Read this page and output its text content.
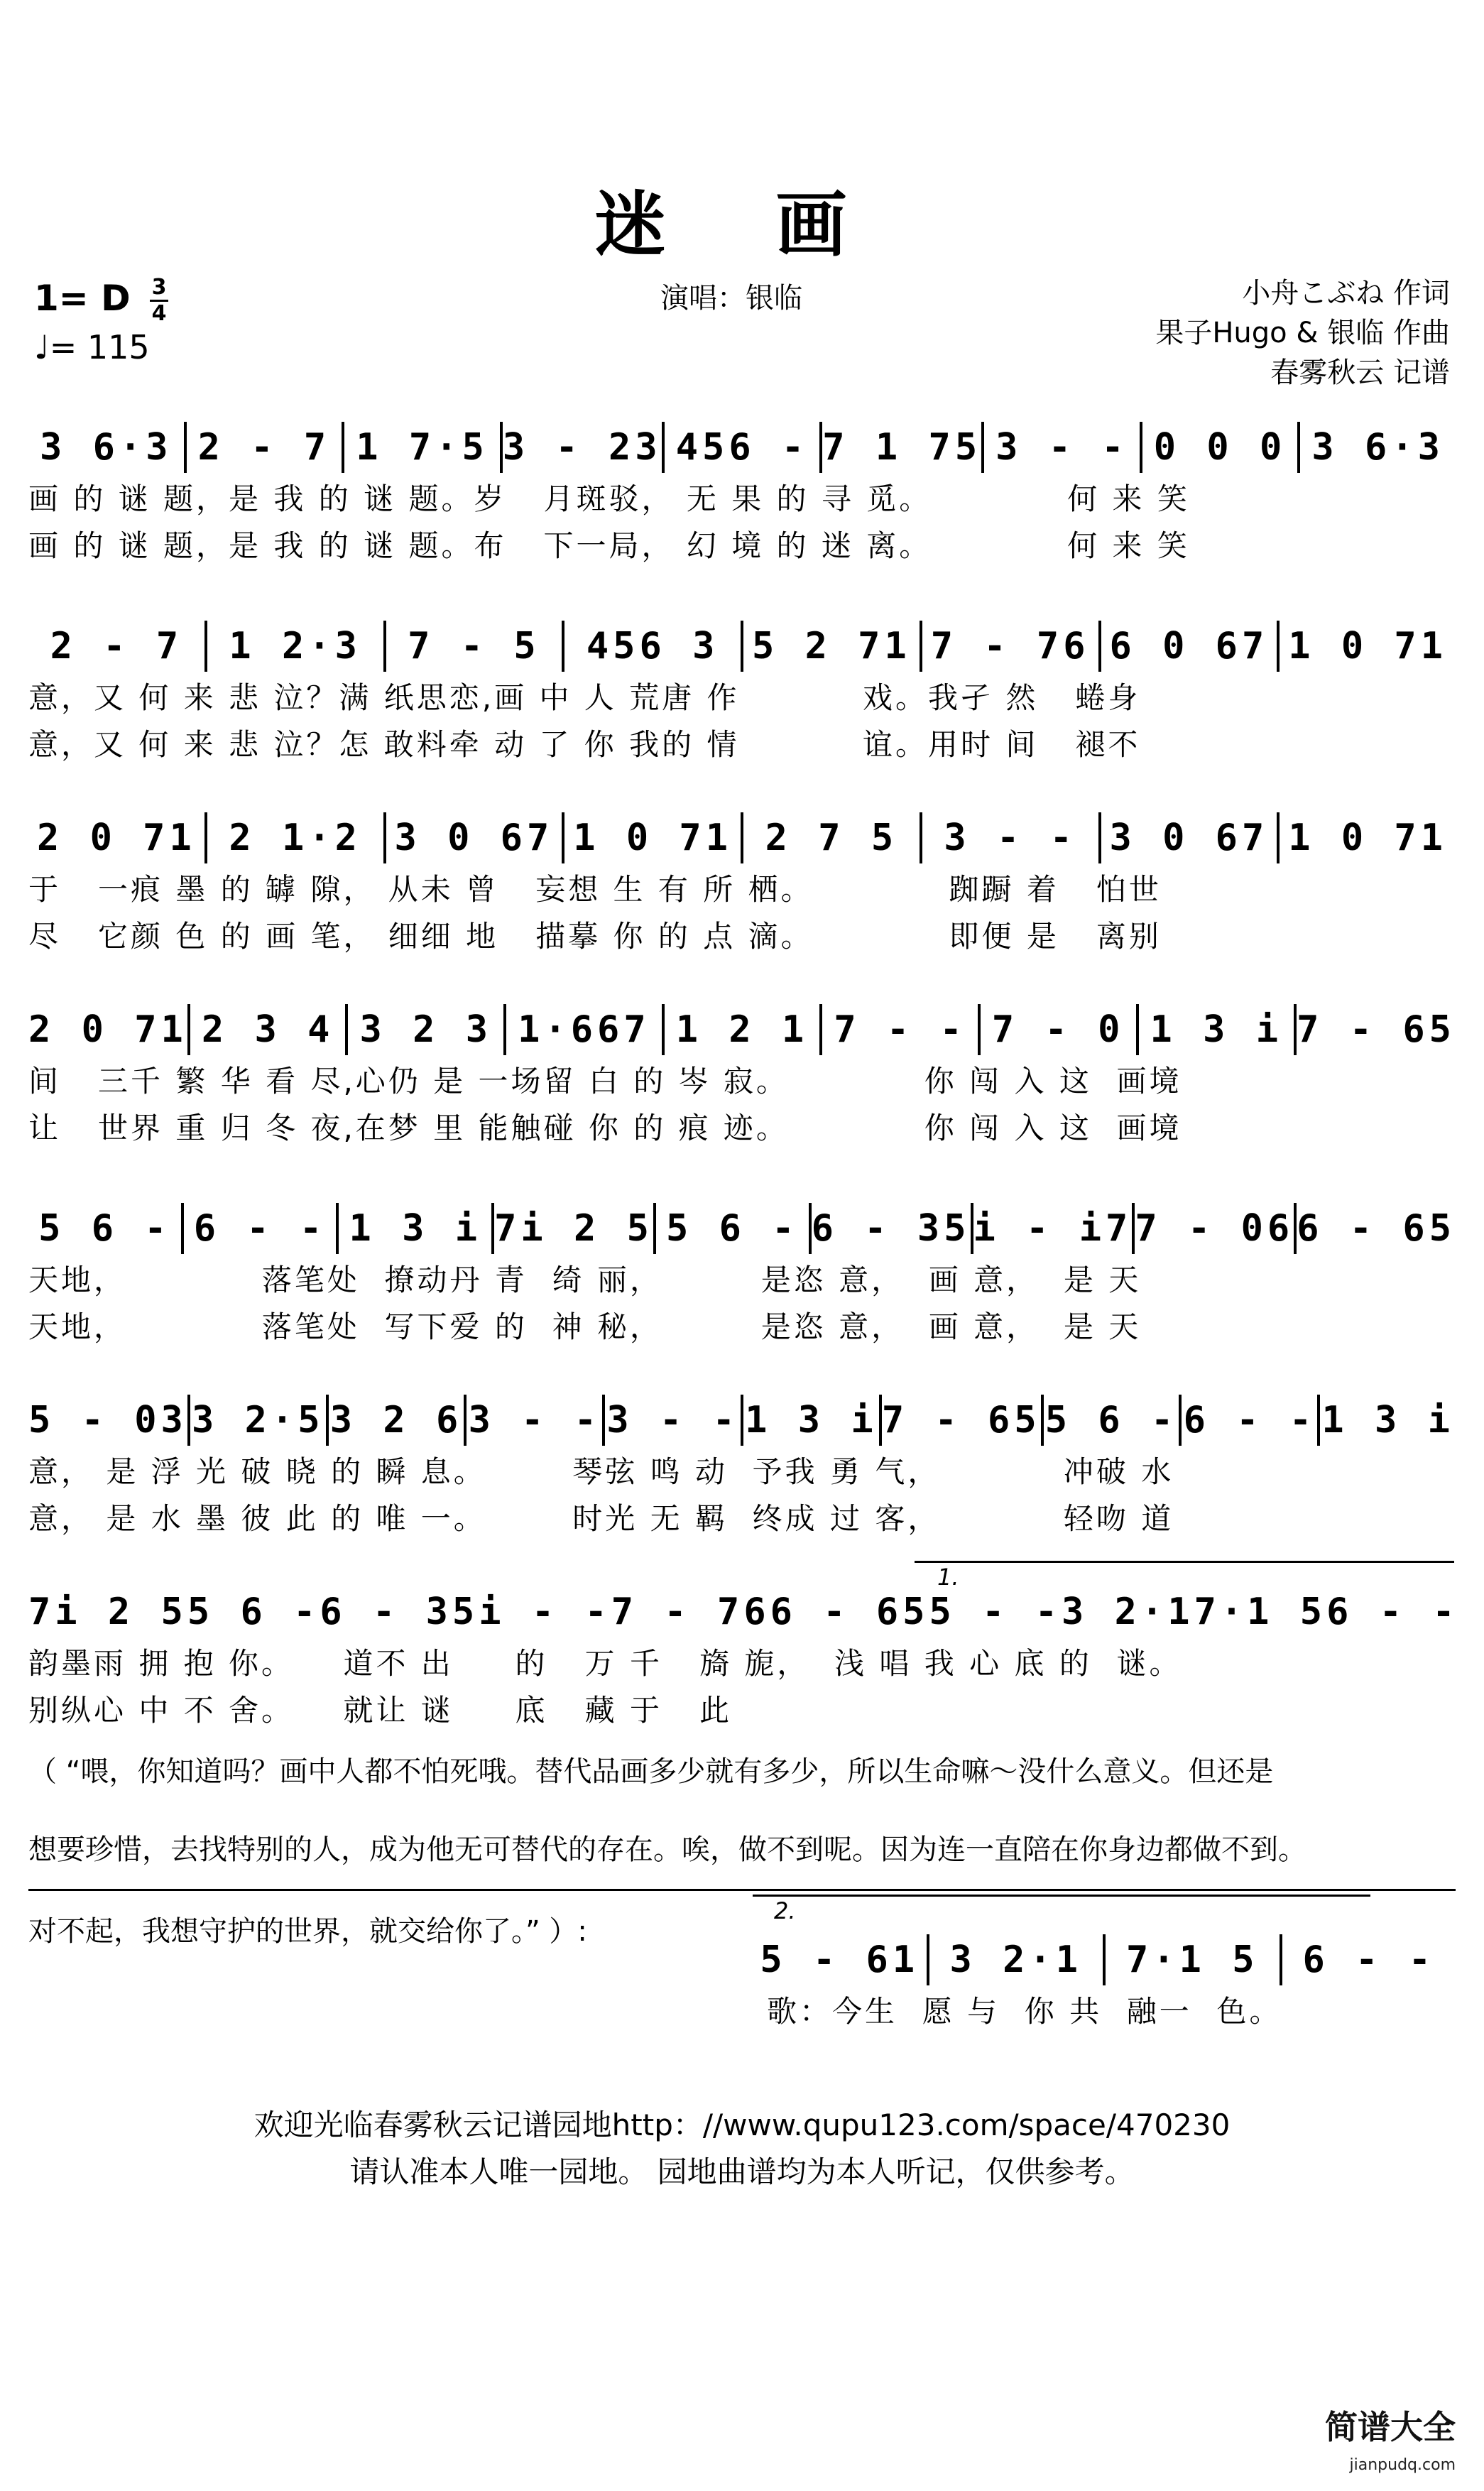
迷 画
1= D $\frac{3}{4}$
♩= 115
演唱：银临	小舟こぶね 作词
果子Hugo & 银临 作曲
春雾秋云 记谱
3 6·3 2 - 7 1 7·5 3 - 23 456 - 7 1 75 3 - - 0 0 0 3 6·3
画 的 谜 题，是 我 的 谜 题。岁   月斑驳， 无 果 的 寻 觅。           何 来 笑
画 的 谜 题，是 我 的 谜 题。布   下一局， 幻 境 的 迷 离。           何 来 笑
2 - 7	1 2·3	7 - 5	456 3 5 2 71 7 - 76 6 0 67 1 0 71
意，又 何 来 悲 泣？满 纸思恋,画 中 人 荒唐 作          戏。我孑 然   蜷身
意，又 何 来 悲 泣？怎 敢料牵 动 了 你 我的 情          谊。用时 间   褪不
2 0 71 2 1·2 3 0 67 1 0 71 2 7 5	3 - - 3 0 67 1 0 71
于   一痕 墨 的 罅 隙， 从未 曾   妄想 生 有 所 栖。           踟蹰 着   怕世
尽   它颜 色 的 画 笔， 细细 地   描摹 你 的 点 滴。           即便 是   离别
2 0 71 2 3 4 3 2 3 1·667 1 2 1 7 - - 7 - 0 1 3 i 7 - 65
间   三千 繁 华 看 尽,心仍 是 一场留 白 的 岑 寂。           你 闯 入 这  画境
让   世界 重 归 冬 夜,在梦 里 能触碰 你 的 痕 迹。           你 闯 入 这  画境
5 6 - 6 - - 1 3 i 7i 2 5 5 6 - 6 - 35 i - i7 7 - 06 6 - 65
天地，           落笔处  撩动丹 青  绮 丽，        是恣 意，  画 意，  是 天
天地，           落笔处  写下爱 的  神 秘，        是恣 意，  画 意，  是 天
5 - 03 3 2·5 3 2 6 3 - - 3 - - 1 3 i 7 - 65 5 6 - 6 - - 1 3 i
意， 是 浮 光 破 晓 的 瞬 息。       琴弦 鸣 动  予我 勇 气，          冲破 水
意， 是 水 墨 彼 此 的 唯 一。       时光 无 羁  终成 过 客，          轻吻 道
7i 2 5 5 6 - 6 - 35 i - - 7 - 76 6 - 65 5 - - 3 2·1 7·1 5 6 - -
韵墨雨 拥 抱 你。    道不 出     的   万 千   旖 旎，  浅 唱 我 心 底 的  谜。
别纵心 中 不 舍。    就让 谜     底   藏 于   此
（ “喂，你知道吗？画中人都不怕死哦。替代品画多少就有多少，所以生命嘛～没什么意义。但还是
想要珍惜，去找特别的人，成为他无可替代的存在。唉，做不到呢。因为连一直陪在你身边都做不到。
对不起，我想守护的世界，就交给你了。” ）:
1.
2.
5 - 61 3 2·1	7·1 5	6 - -
歌：今生  愿 与  你 共  融一  色。
欢迎光临春雾秋云记谱园地http：//www.qupu123.com/space/470230
请认准本人唯一园地。 园地曲谱均为本人听记，仅供参考。
简谱大全
jianpudq.com
